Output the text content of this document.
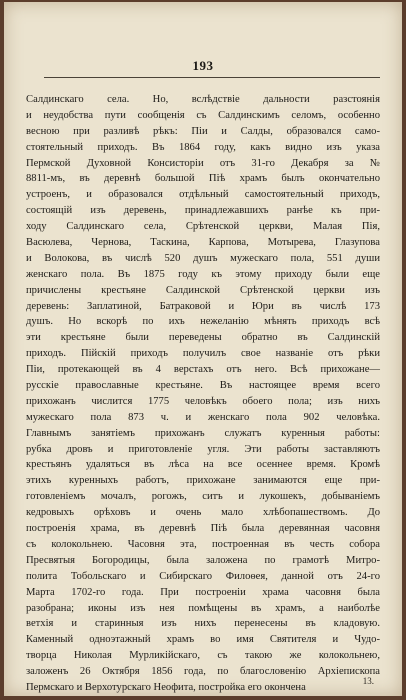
193
Салдинскаго села. Но, вслѣдствіе дальности разстоянія
и неудобства пути сообщенія съ Салдинскимъ селомъ, особенно
весною при разливѣ рѣкъ: Піи и Салды, образовался само-
стоятельный приходъ. Въ 1864 году, какъ видно изъ указа
Пермской Духовной Консисторіи отъ 31-го Декабря за №
8811-мъ, въ деревнѣ большой Піѣ храмъ былъ окончательно
устроенъ, и образовался отдѣльный самостоятельный приходъ,
состоящій изъ деревень, принадлежавшихъ ранѣе къ при-
ходу Салдинскаго села, Срѣтенской церкви, Малая Пія,
Васюлева, Чернова, Таскина, Карпова, Мотырева, Глазупова
и Волокова, въ числѣ 520 душъ мужескаго пола, 551 души
женскаго пола. Въ 1875 году къ этому приходу были еще
причислены крестьяне Салдинской Срѣтенской церкви изъ
деревень: Заплатиной, Батраковой и Юри въ числѣ 173
душъ. Но вскорѣ по ихъ нежеланію мѣнять приходъ всѣ
эти крестьяне были переведены обратно въ Салдинскій
приходъ. Пійскій приходъ получилъ свое названіе отъ рѣки
Піи, протекающей въ 4 верстахъ отъ него. Всѣ прихожане—
русскіе православные крестьяне. Въ настоящее время всего
прихожанъ числится 1775 человѣкъ обоего пола; изъ нихъ
мужескаго пола 873 ч. и женскаго пола 902 человѣка.
Главнымъ занятіемъ прихожанъ служатъ куренныя работы:
рубка дровъ и приготовленіе угля. Эти работы заставляютъ
крестьянъ удаляться въ лѣса на все осеннее время. Кромѣ
этихъ куренныхъ работъ, прихожане занимаются еще при-
готовленіемъ мочалъ, рогожъ, ситъ и лукошекъ, добываніемъ
кедровыхъ орѣховъ и очень мало хлѣбопашествомъ. До
построенія храма, въ деревнѣ Піѣ была деревянная часовня
съ колокольнею. Часовня эта, построенная въ честь собора
Пресвятыя Богородицы, была заложена по грамотѣ Митро-
полита Тобольскаго и Сибирскаго Филоѳея, данной отъ 24-го
Марта 1702-го года. При построеніи храма часовня была
разобрана; иконы изъ нея помѣщены въ храмъ, а наиболѣе
ветхія и старинныя изъ нихъ перенесены въ кладовую.
Каменный одноэтажный храмъ во имя Святителя и Чудо-
творца Николая Мурликійскаго, съ такою же колокольнею,
заложенъ 26 Октября 1856 года, по благословенію Архіепископа
Пермскаго и Верхотурскаго Неофита, постройка его окончена
13.
